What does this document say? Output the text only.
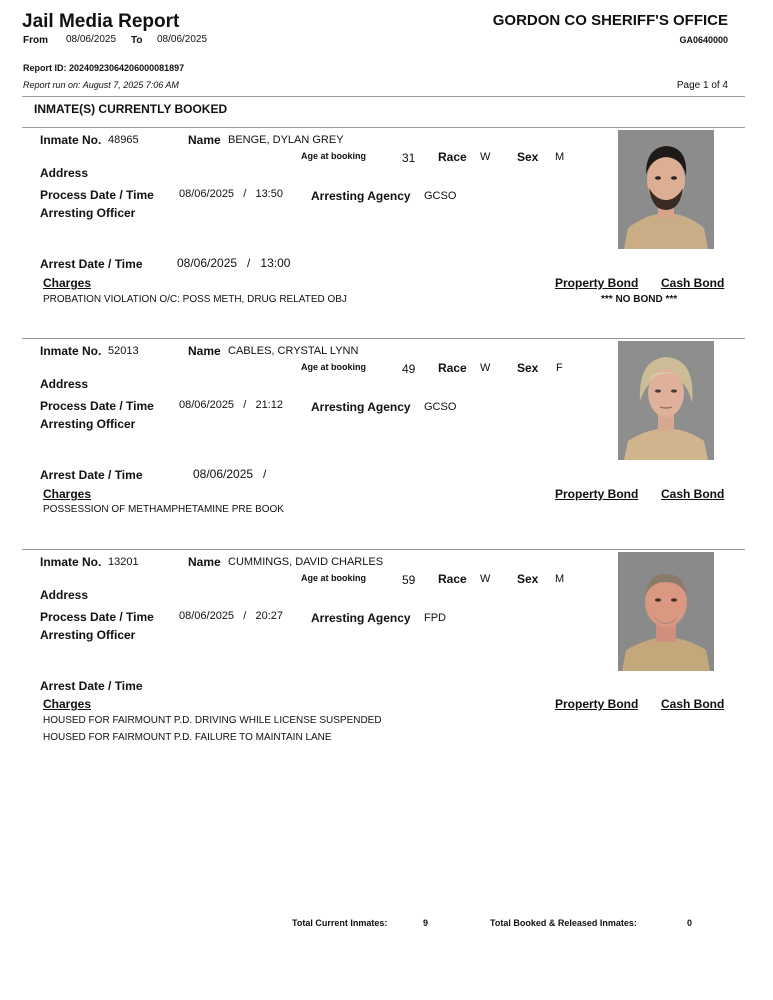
Jail Media Report
From 08/06/2025 To 08/06/2025
GORDON CO SHERIFF'S OFFICE
GA0640000
Report ID: 20240923064206000081897
Report run on: August 7, 2025 7:06 AM	Page 1 of 4
INMATE(S) CURRENTLY BOOKED
Inmate No. 48965	Name BENGE, DYLAN GREY
Age at booking	31 Race W Sex M
Address
Process Date / Time 08/06/2025   /   13:50 Arresting Agency GCSO
Arresting Officer
Arrest Date / Time	08/06/2025   /   13:00
Charges	Property Bond Cash Bond
PROBATION VIOLATION O/C: POSS METH, DRUG RELATED OBJ	*** NO BOND ***
Inmate No. 52013	Name CABLES, CRYSTAL LYNN
Age at booking	49 Race W Sex F
Address
Process Date / Time 08/06/2025   /   21:12 Arresting Agency GCSO
Arresting Officer
Arrest Date / Time	08/06/2025   /
Charges	Property Bond Cash Bond
POSSESSION OF METHAMPHETAMINE PRE BOOK
Inmate No. 13201	Name CUMMINGS, DAVID CHARLES
Age at booking	59 Race W Sex M
Address
Process Date / Time 08/06/2025   /   20:27 Arresting Agency FPD
Arresting Officer
Arrest Date / Time
Charges	Property Bond Cash Bond
HOUSED FOR FAIRMOUNT P.D. DRIVING WHILE LICENSE SUSPENDED
HOUSED FOR FAIRMOUNT P.D. FAILURE TO MAINTAIN LANE
Total Current Inmates:	9	Total Booked & Released Inmates:	0
